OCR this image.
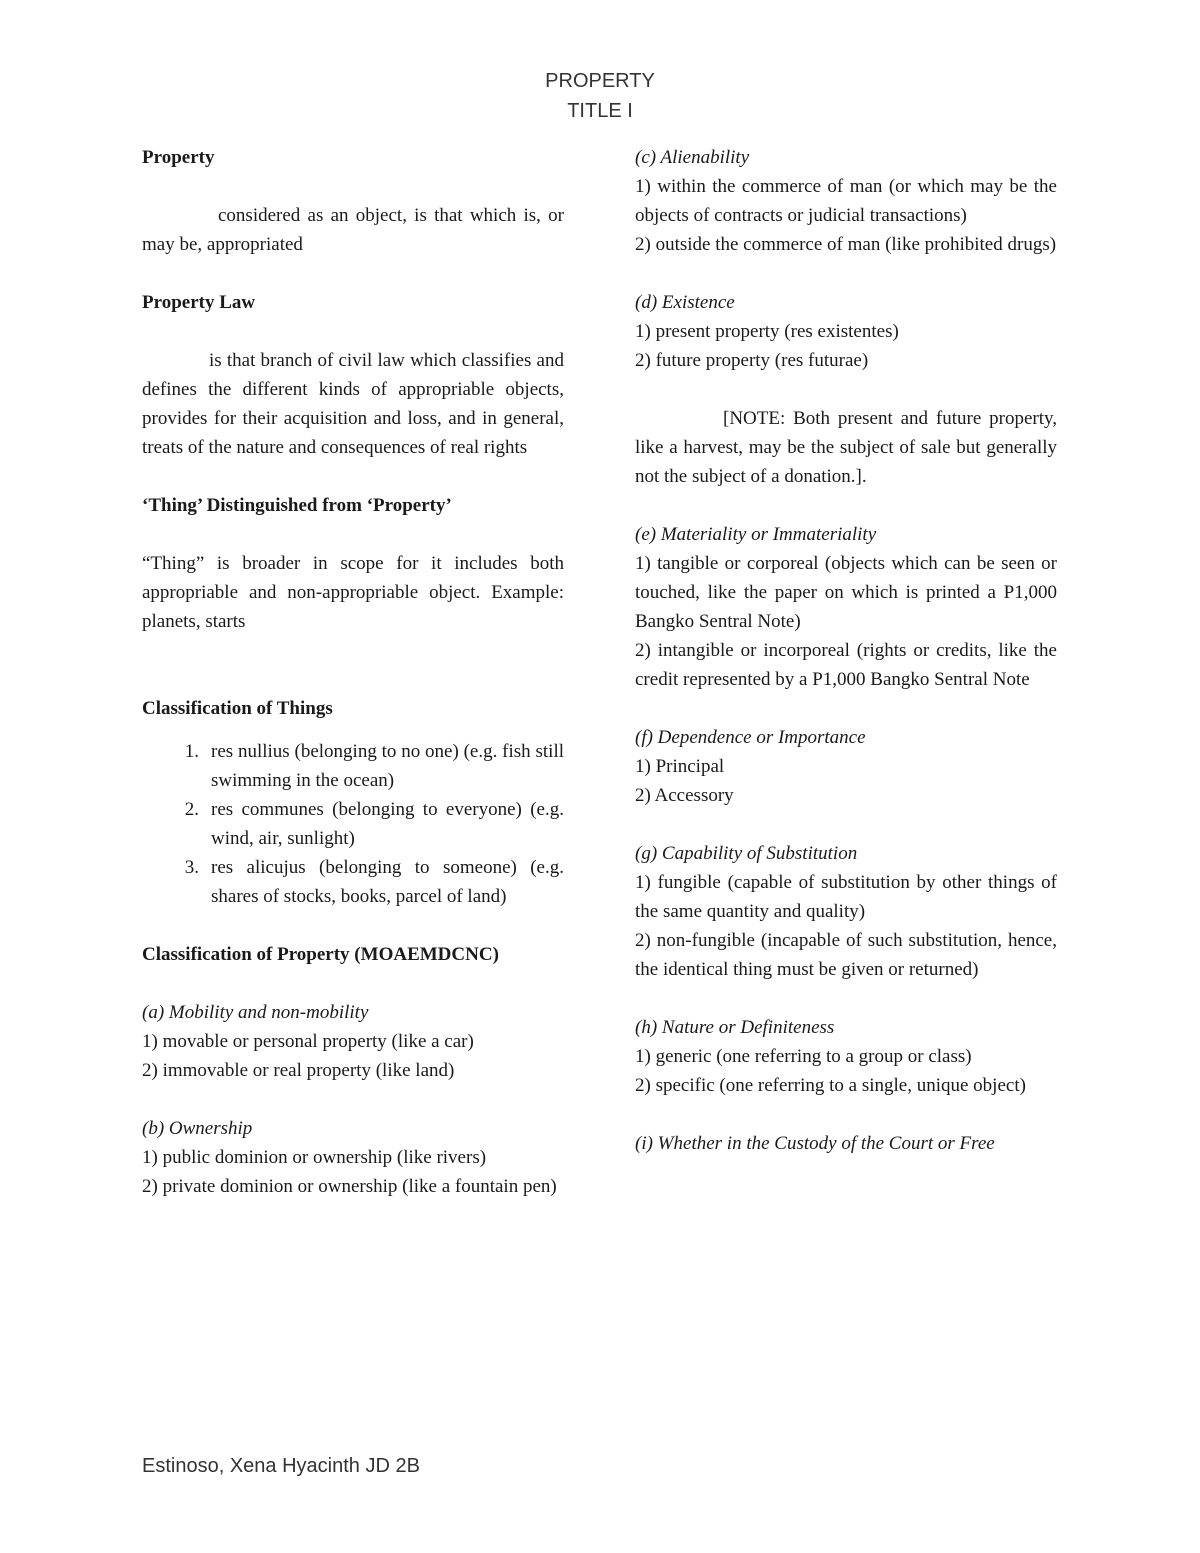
PROPERTY
TITLE I

Property

considered as an object, is that which is, or may be, appropriated

Property Law

is that branch of civil law which classifies and defines the different kinds of appropriable objects, provides for their acquisition and loss, and in general, treats of the nature and consequences of real rights

‘Thing’ Distinguished from ‘Property’

“Thing” is broader in scope for it includes both appropriable and non-appropriable object. Example: planets, starts

Classification of Things

1. res nullius (belonging to no one) (e.g. fish still swimming in the ocean)
2. res communes (belonging to everyone) (e.g. wind, air, sunlight)
3. res alicujus (belonging to someone) (e.g. shares of stocks, books, parcel of land)

Classification of Property (MOAEMDCNC)

(a) Mobility and non-mobility

1) movable or personal property (like a car)

2) immovable or real property (like land)

(b) Ownership

1) public dominion or ownership (like rivers)

2) private dominion or ownership (like a fountain pen)

(c) Alienability

1) within the commerce of man (or which may be the objects of contracts or judicial transactions)

2) outside the commerce of man (like prohibited drugs)

(d) Existence

1) present property (res existentes)

2) future property (res futurae)

[NOTE: Both present and future property, like a harvest, may be the subject of sale but generally not the subject of a donation.].

(e) Materiality or Immateriality

1) tangible or corporeal (objects which can be seen or touched, like the paper on which is printed a P1,000 Bangko Sentral Note)

2) intangible or incorporeal (rights or credits, like the credit represented by a P1,000 Bangko Sentral Note

(f) Dependence or Importance

1) Principal

2) Accessory

(g) Capability of Substitution

1) fungible (capable of substitution by other things of the same quantity and quality)

2) non-fungible (incapable of such substitution, hence, the identical thing must be given or returned)

(h) Nature or Definiteness

1) generic (one referring to a group or class)

2) specific (one referring to a single, unique object)

(i) Whether in the Custody of the Court or Free

Estinoso, Xena Hyacinth JD 2B
